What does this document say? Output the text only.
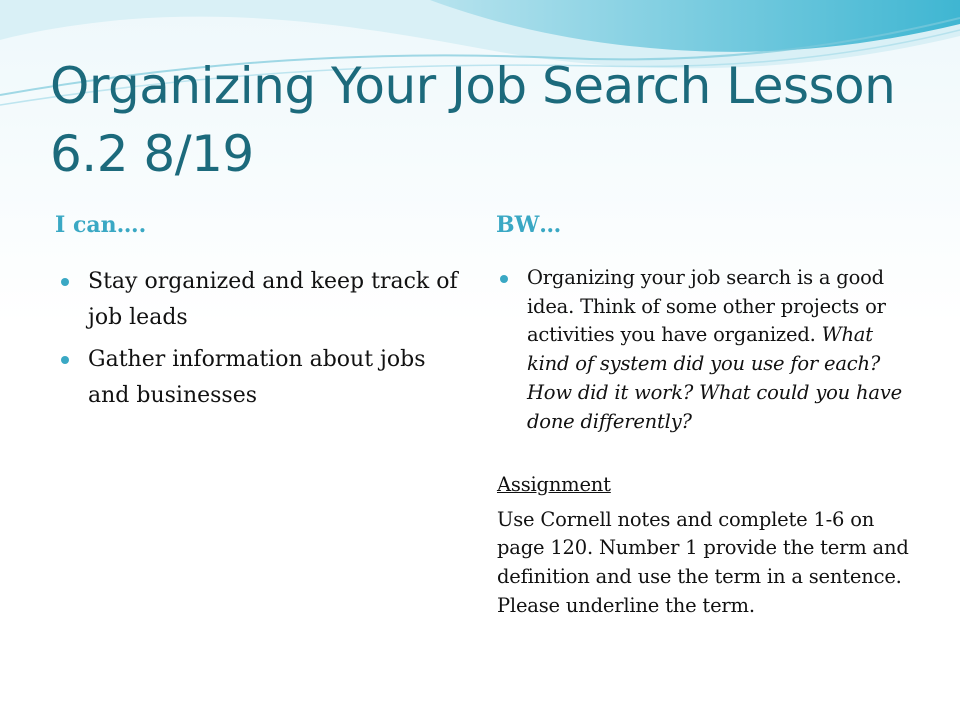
Organizing Your Job Search Lesson 6.2 8/19
I can….	BW…
Stay organized and keep track of job leads
Gather information about jobs and businesses
Organizing your job search is a good idea. Think of some other projects or activities you have organized. What kind of system did you use for each? How did it work? What could you have done differently?
Assignment
Use Cornell notes and complete 1-6 on page 120. Number 1 provide the term and definition and use the term in a sentence. Please underline the term.
